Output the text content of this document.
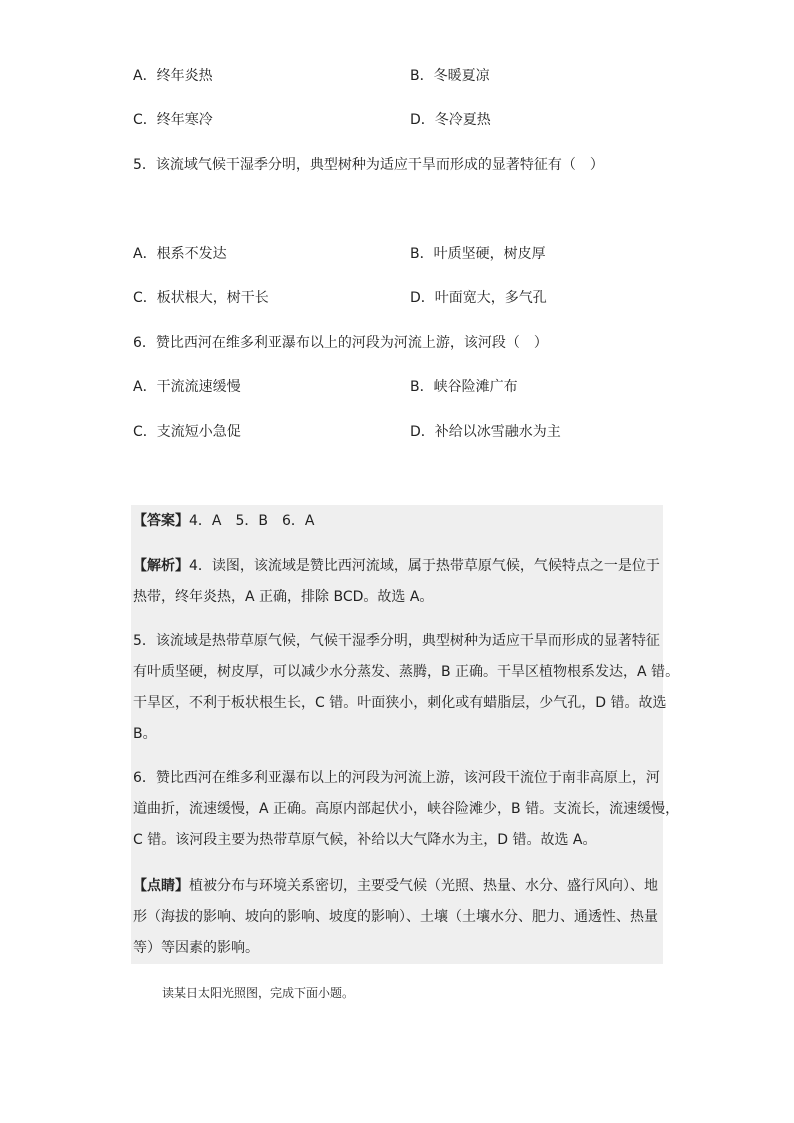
A．终年炎热	B．冬暖夏凉
C．终年寒冷	D．冬冷夏热
5．该流域气候干湿季分明，典型树种为适应干旱而形成的显著特征有（　）
A．根系不发达	B．叶质坚硬，树皮厚
C．板状根大，树干长	D．叶面宽大，多气孔
6．赞比西河在维多利亚瀑布以上的河段为河流上游，该河段（　）
A．干流流速缓慢	B．峡谷险滩广布
C．支流短小急促	D．补给以冰雪融水为主
【答案】4．A　5．B　6．A
【解析】4．读图，该流域是赞比西河流域，属于热带草原气候，气候特点之一是位于
热带，终年炎热，A 正确，排除 BCD。故选 A。
5．该流域是热带草原气候，气候干湿季分明，典型树种为适应干旱而形成的显著特征
有叶质坚硬，树皮厚，可以减少水分蒸发、蒸腾，B 正确。干旱区植物根系发达，A 错。
干旱区，不利于板状根生长，C 错。叶面狭小，刺化或有蜡脂层，少气孔，D 错。故选
B。
6．赞比西河在维多利亚瀑布以上的河段为河流上游，该河段干流位于南非高原上，河
道曲折，流速缓慢，A 正确。高原内部起伏小，峡谷险滩少，B 错。支流长，流速缓慢，
C 错。该河段主要为热带草原气候，补给以大气降水为主，D 错。故选 A。
【点睛】植被分布与环境关系密切，主要受气候（光照、热量、水分、盛行风向）、地
形（海拔的影响、坡向的影响、坡度的影响）、土壤（土壤水分、肥力、通透性、热量
等）等因素的影响。
读某日太阳光照图，完成下面小题。
